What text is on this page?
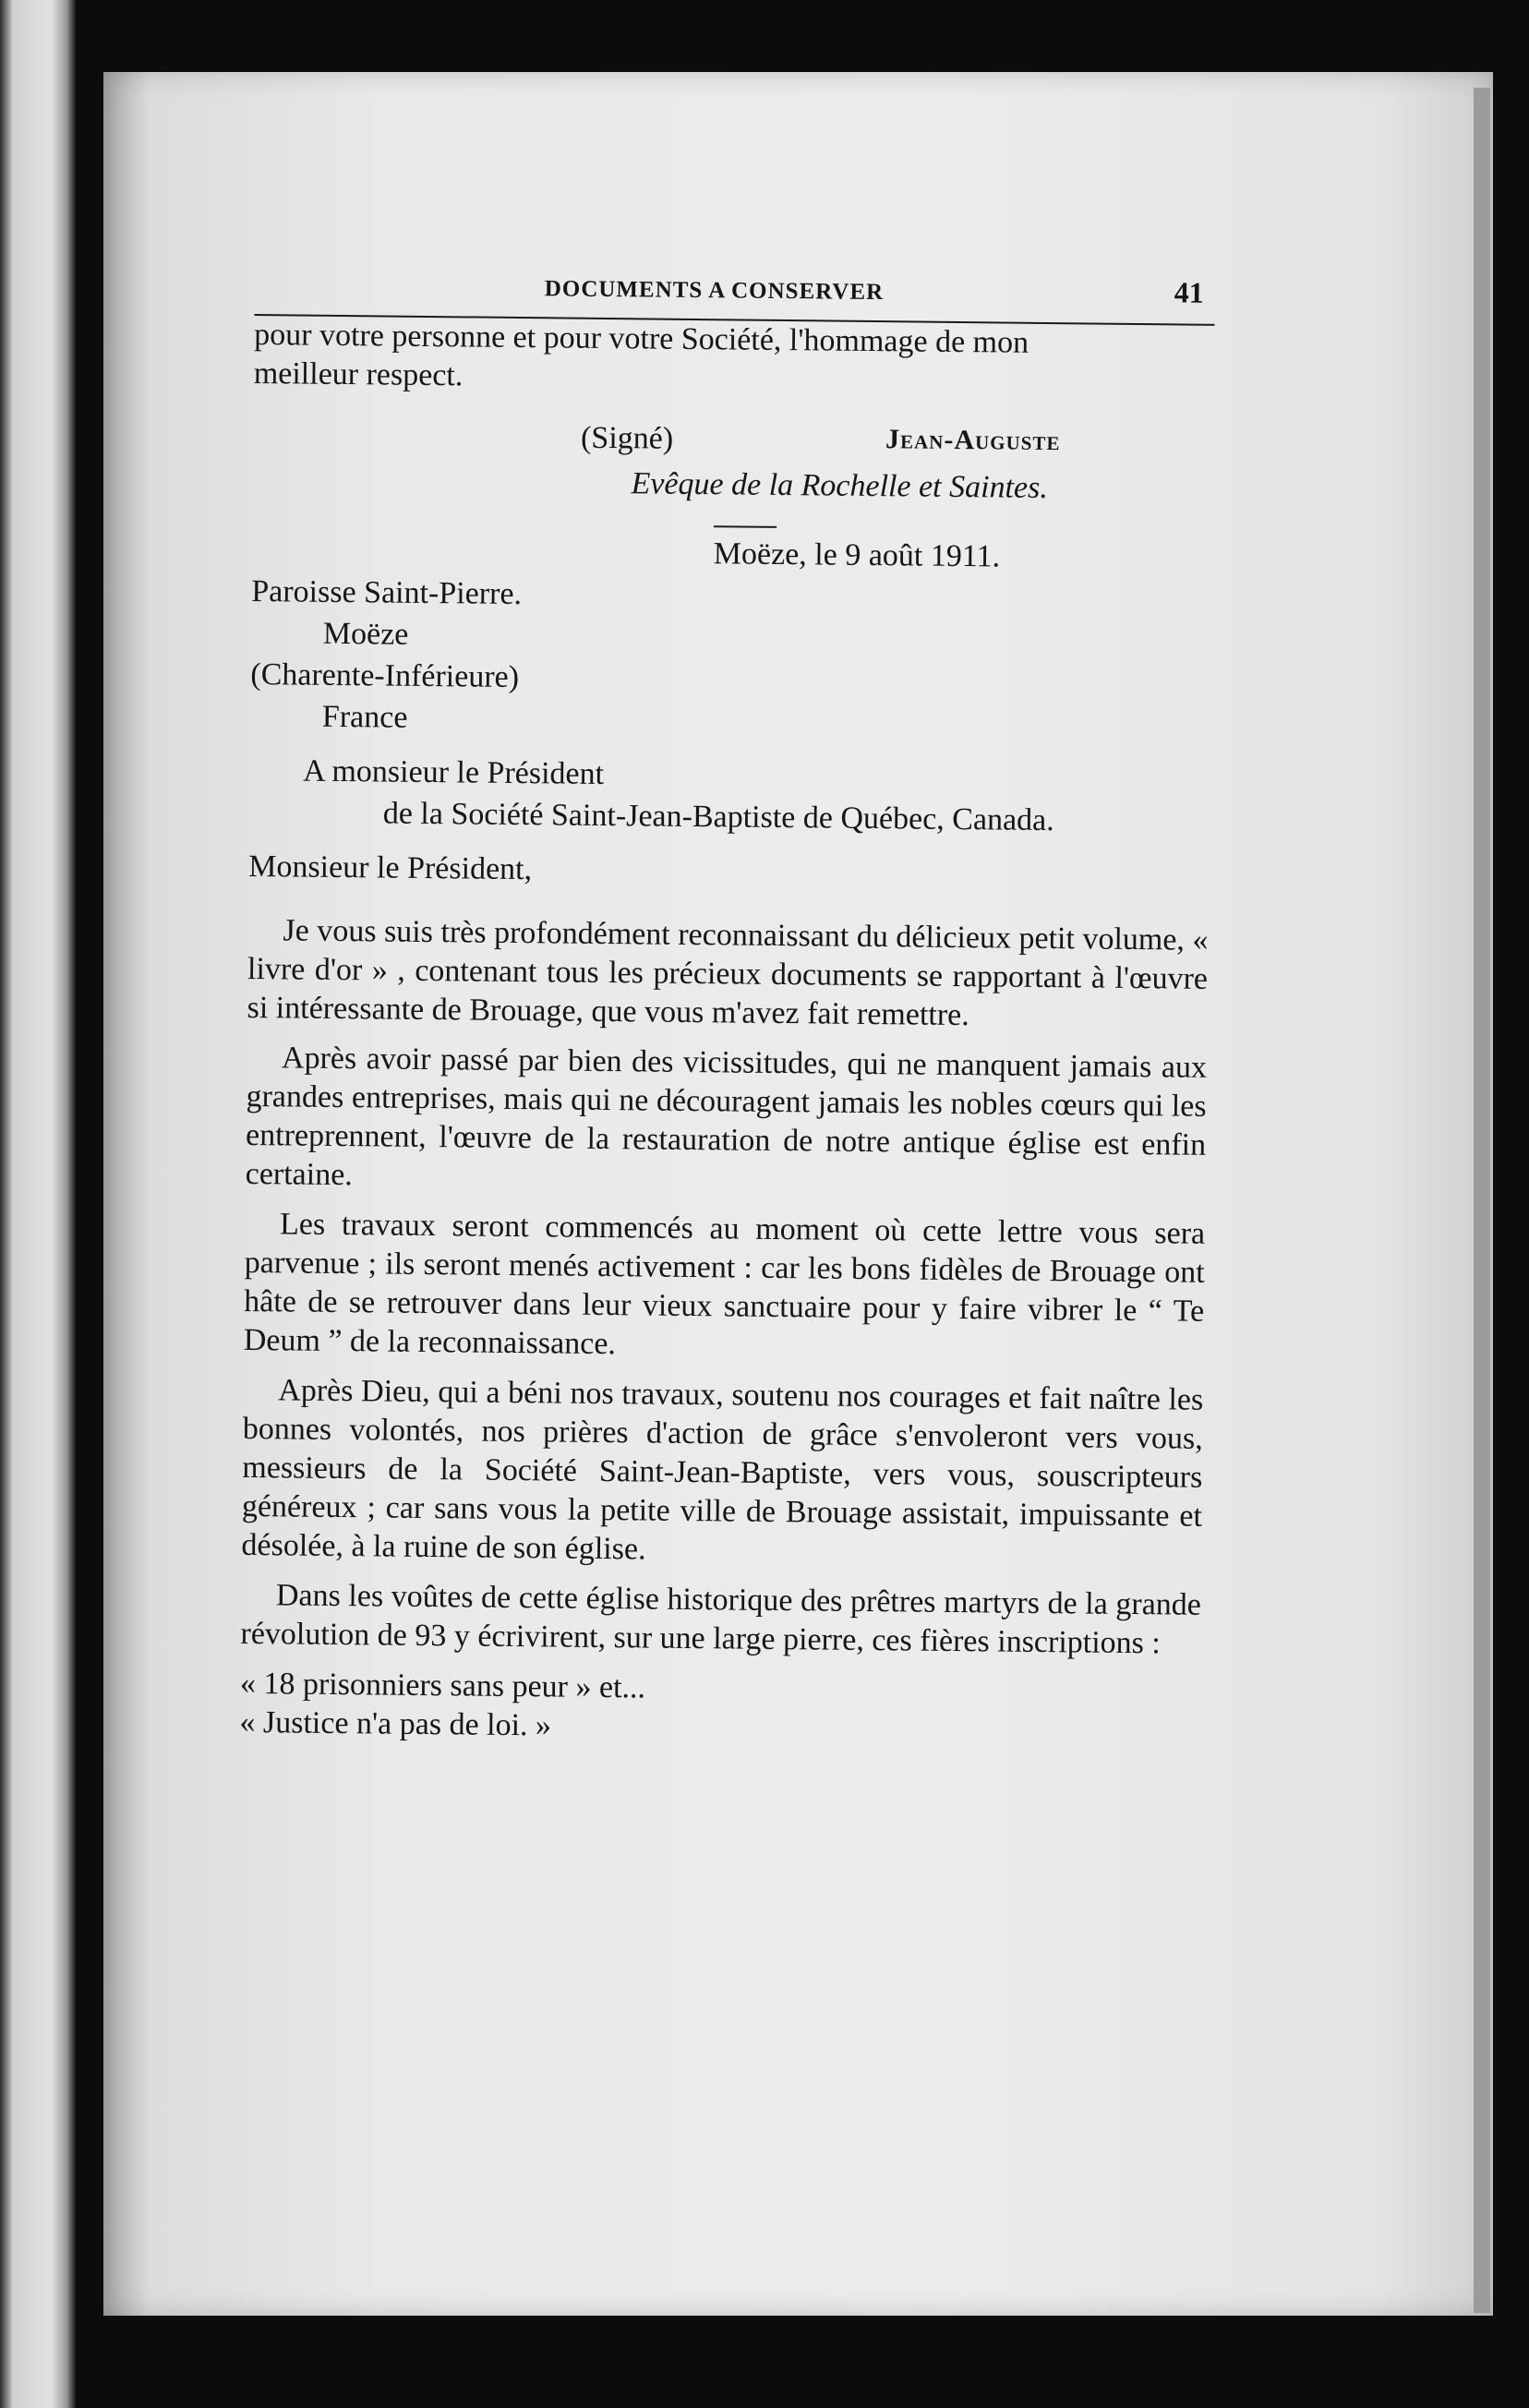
DOCUMENTS A CONSERVER	41
pour votre personne et pour votre Société, l'hommage de mon
meilleur respect.
(Signé)	Jean-Auguste
Evêque de la Rochelle et Saintes.
Moëze, le 9 août 1911.
Paroisse Saint-Pierre.
Moëze
(Charente-Inférieure)
France
A monsieur le Président
de la Société Saint-Jean-Baptiste de Québec, Canada.
Monsieur le Président,

Je vous suis très profondément reconnaissant du délicieux petit volume, « livre d'or » , contenant tous les précieux documents se rapportant à l'œuvre si intéressante de Brouage, que vous m'avez fait remettre.

Après avoir passé par bien des vicissitudes, qui ne manquent jamais aux grandes entreprises, mais qui ne découragent jamais les nobles cœurs qui les entreprennent, l'œuvre de la restauration de notre antique église est enfin certaine.

Les travaux seront commencés au moment où cette lettre vous sera parvenue ; ils seront menés activement : car les bons fidèles de Brouage ont hâte de se retrouver dans leur vieux sanctuaire pour y faire vibrer le “ Te Deum ” de la reconnaissance.

Après Dieu, qui a béni nos travaux, soutenu nos courages et fait naître les bonnes volontés, nos prières d'action de grâce s'envoleront vers vous, messieurs de la Société Saint-Jean-Baptiste, vers vous, souscripteurs généreux ; car sans vous la petite ville de Brouage assistait, impuissante et désolée, à la ruine de son église.

Dans les voûtes de cette église historique des prêtres martyrs de la grande révolution de 93 y écrivirent, sur une large pierre, ces fières inscriptions :

« 18 prisonniers sans peur » et...
« Justice n'a pas de loi. »
